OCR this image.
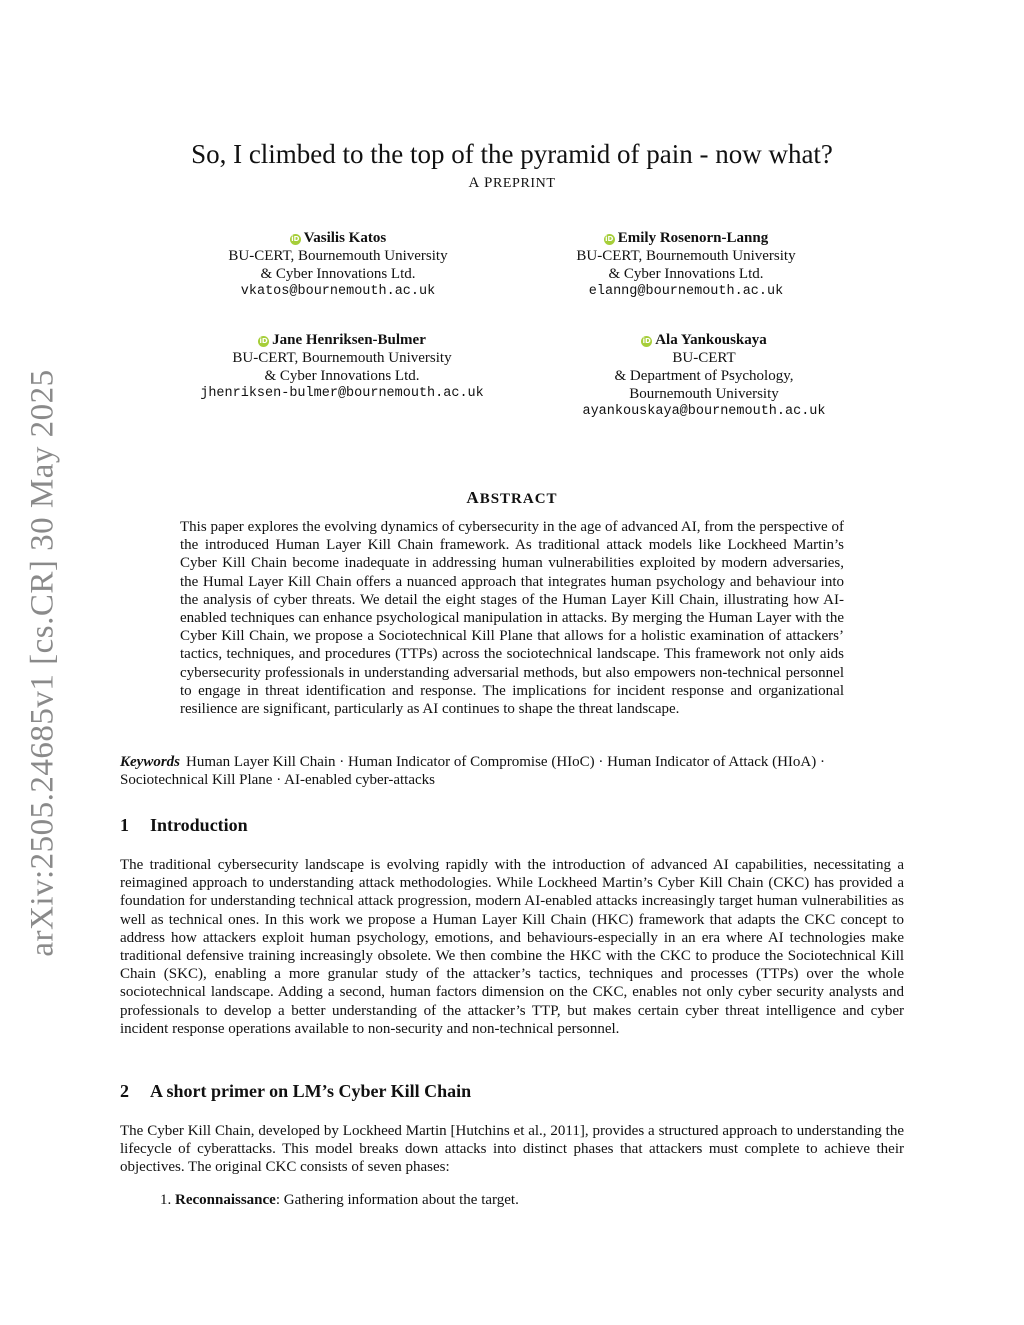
arXiv:2505.24685v1 [cs.CR] 30 May 2025
So, I climbed to the top of the pyramid of pain - now what?
A PREPRINT
iD Vasilis Katos
BU-CERT, Bournemouth University
& Cyber Innovations Ltd.
vkatos@bournemouth.ac.uk
iD Emily Rosenorn-Lanng
BU-CERT, Bournemouth University
& Cyber Innovations Ltd.
elanng@bournemouth.ac.uk
iD Jane Henriksen-Bulmer
BU-CERT, Bournemouth University
& Cyber Innovations Ltd.
jhenriksen-bulmer@bournemouth.ac.uk
iD Ala Yankouskaya
BU-CERT
& Department of Psychology,
Bournemouth University
ayankouskaya@bournemouth.ac.uk
ABSTRACT
This paper explores the evolving dynamics of cybersecurity in the age of advanced AI, from the perspective of the introduced Human Layer Kill Chain framework. As traditional attack models like Lockheed Martin’s Cyber Kill Chain become inadequate in addressing human vulnerabilities exploited by modern adversaries, the Humal Layer Kill Chain offers a nuanced approach that integrates human psychology and behaviour into the analysis of cyber threats. We detail the eight stages of the Human Layer Kill Chain, illustrating how AI-enabled techniques can enhance psychological manipulation in attacks. By merging the Human Layer with the Cyber Kill Chain, we propose a Sociotechnical Kill Plane that allows for a holistic examination of attackers’ tactics, techniques, and procedures (TTPs) across the sociotechnical landscape. This framework not only aids cybersecurity professionals in understanding adversarial methods, but also empowers non-technical personnel to engage in threat identification and response. The implications for incident response and organizational resilience are significant, particularly as AI continues to shape the threat landscape.
Keywords Human Layer Kill Chain · Human Indicator of Compromise (HIoC) · Human Indicator of Attack (HIoA) · Sociotechnical Kill Plane · AI-enabled cyber-attacks
1 Introduction
The traditional cybersecurity landscape is evolving rapidly with the introduction of advanced AI capabilities, necessitating a reimagined approach to understanding attack methodologies. While Lockheed Martin’s Cyber Kill Chain (CKC) has provided a foundation for understanding technical attack progression, modern AI-enabled attacks increasingly target human vulnerabilities as well as technical ones. In this work we propose a Human Layer Kill Chain (HKC) framework that adapts the CKC concept to address how attackers exploit human psychology, emotions, and behaviours-especially in an era where AI technologies make traditional defensive training increasingly obsolete. We then combine the HKC with the CKC to produce the Sociotechnical Kill Chain (SKC), enabling a more granular study of the attacker’s tactics, techniques and processes (TTPs) over the whole sociotechnical landscape. Adding a second, human factors dimension on the CKC, enables not only cyber security analysts and professionals to develop a better understanding of the attacker’s TTP, but makes certain cyber threat intelligence and cyber incident response operations available to non-security and non-technical personnel.
2 A short primer on LM’s Cyber Kill Chain
The Cyber Kill Chain, developed by Lockheed Martin [Hutchins et al., 2011], provides a structured approach to understanding the lifecycle of cyberattacks. This model breaks down attacks into distinct phases that attackers must complete to achieve their objectives. The original CKC consists of seven phases:
1. Reconnaissance: Gathering information about the target.
